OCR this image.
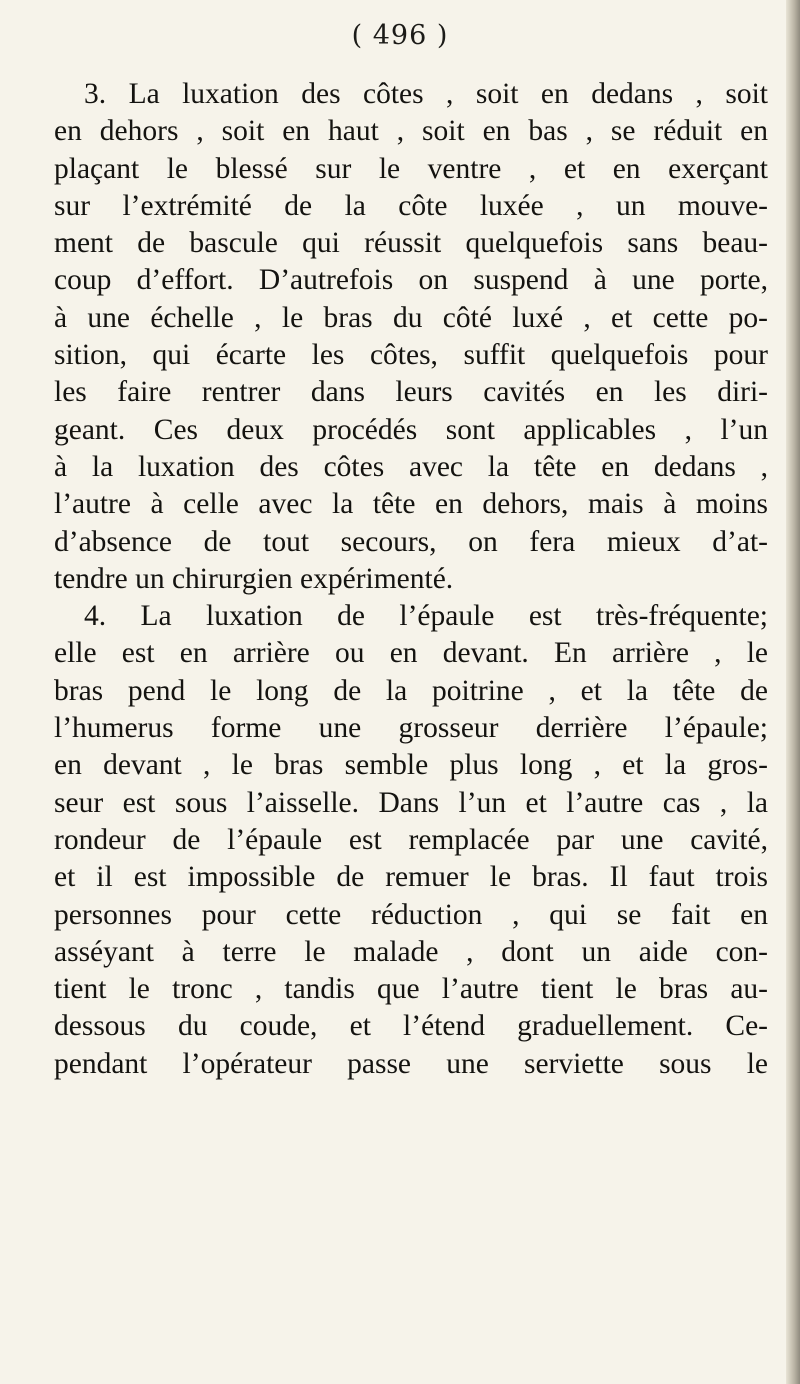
( 496 )
3. La luxation des côtes , soit en dedans , soit
en dehors , soit en haut , soit en bas , se réduit en
plaçant le blessé sur le ventre , et en exerçant
sur l’extrémité de la côte luxée , un mouve-
ment de bascule qui réussit quelquefois sans beau-
coup d’effort. D’autrefois on suspend à une porte,
à une échelle , le bras du côté luxé , et cette po-
sition, qui écarte les côtes, suffit quelquefois pour
les faire rentrer dans leurs cavités en les diri-
geant. Ces deux procédés sont applicables , l’un
à la luxation des côtes avec la tête en dedans ,
l’autre à celle avec la tête en dehors, mais à moins
d’absence de tout secours, on fera mieux d’at-
tendre un chirurgien expérimenté.
4. La luxation de l’épaule est très-fréquente;
elle est en arrière ou en devant. En arrière , le
bras pend le long de la poitrine , et la tête de
l’humerus forme une grosseur derrière l’épaule;
en devant , le bras semble plus long , et la gros-
seur est sous l’aisselle. Dans l’un et l’autre cas , la
rondeur de l’épaule est remplacée par une cavité,
et il est impossible de remuer le bras. Il faut trois
personnes pour cette réduction , qui se fait en
asséyant à terre le malade , dont un aide con-
tient le tronc , tandis que l’autre tient le bras au-
dessous du coude, et l’étend graduellement. Ce-
pendant l’opérateur passe une serviette sous le
